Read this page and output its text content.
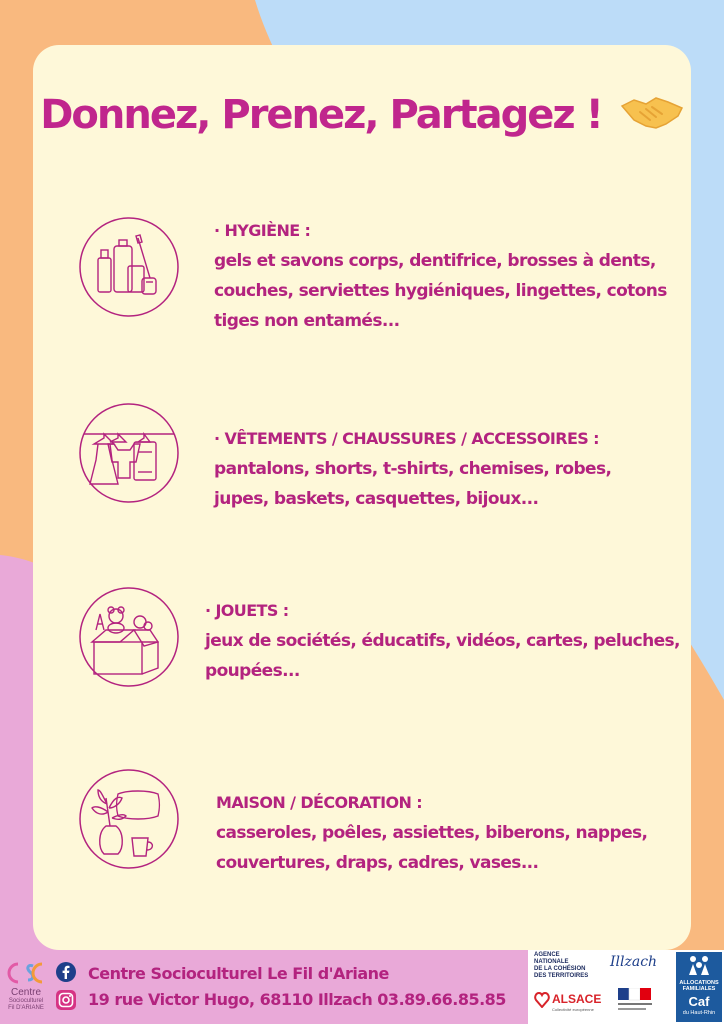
Donnez, Prenez, Partagez !
· HYGIÈNE :
gels et savons corps, dentifrice, brosses à dents,
couches, serviettes hygiéniques, lingettes, cotons
tiges non entamés...
· VÊTEMENTS / CHAUSSURES / ACCESSOIRES :
pantalons, shorts, t-shirts, chemises, robes,
jupes, baskets, casquettes, bijoux...
· JOUETS :
jeux de sociétés, éducatifs, vidéos, cartes, peluches,
poupées...
MAISON / DÉCORATION :
casseroles, poêles, assiettes, biberons, nappes,
couvertures, draps, cadres, vases...
Centre
Socioculturel
Fil D'ARIANE
Centre Socioculturel Le Fil d'Ariane
19 rue Victor Hugo, 68110 Illzach 03.89.66.85.85
AGENCE
NATIONALE
DE LA COHÉSION
DES TERRITOIRES
Illzach
ALSACE
Collectivité européenne
ALLOCATIONS
FAMILIALES
Caf
du Haut-Rhin
